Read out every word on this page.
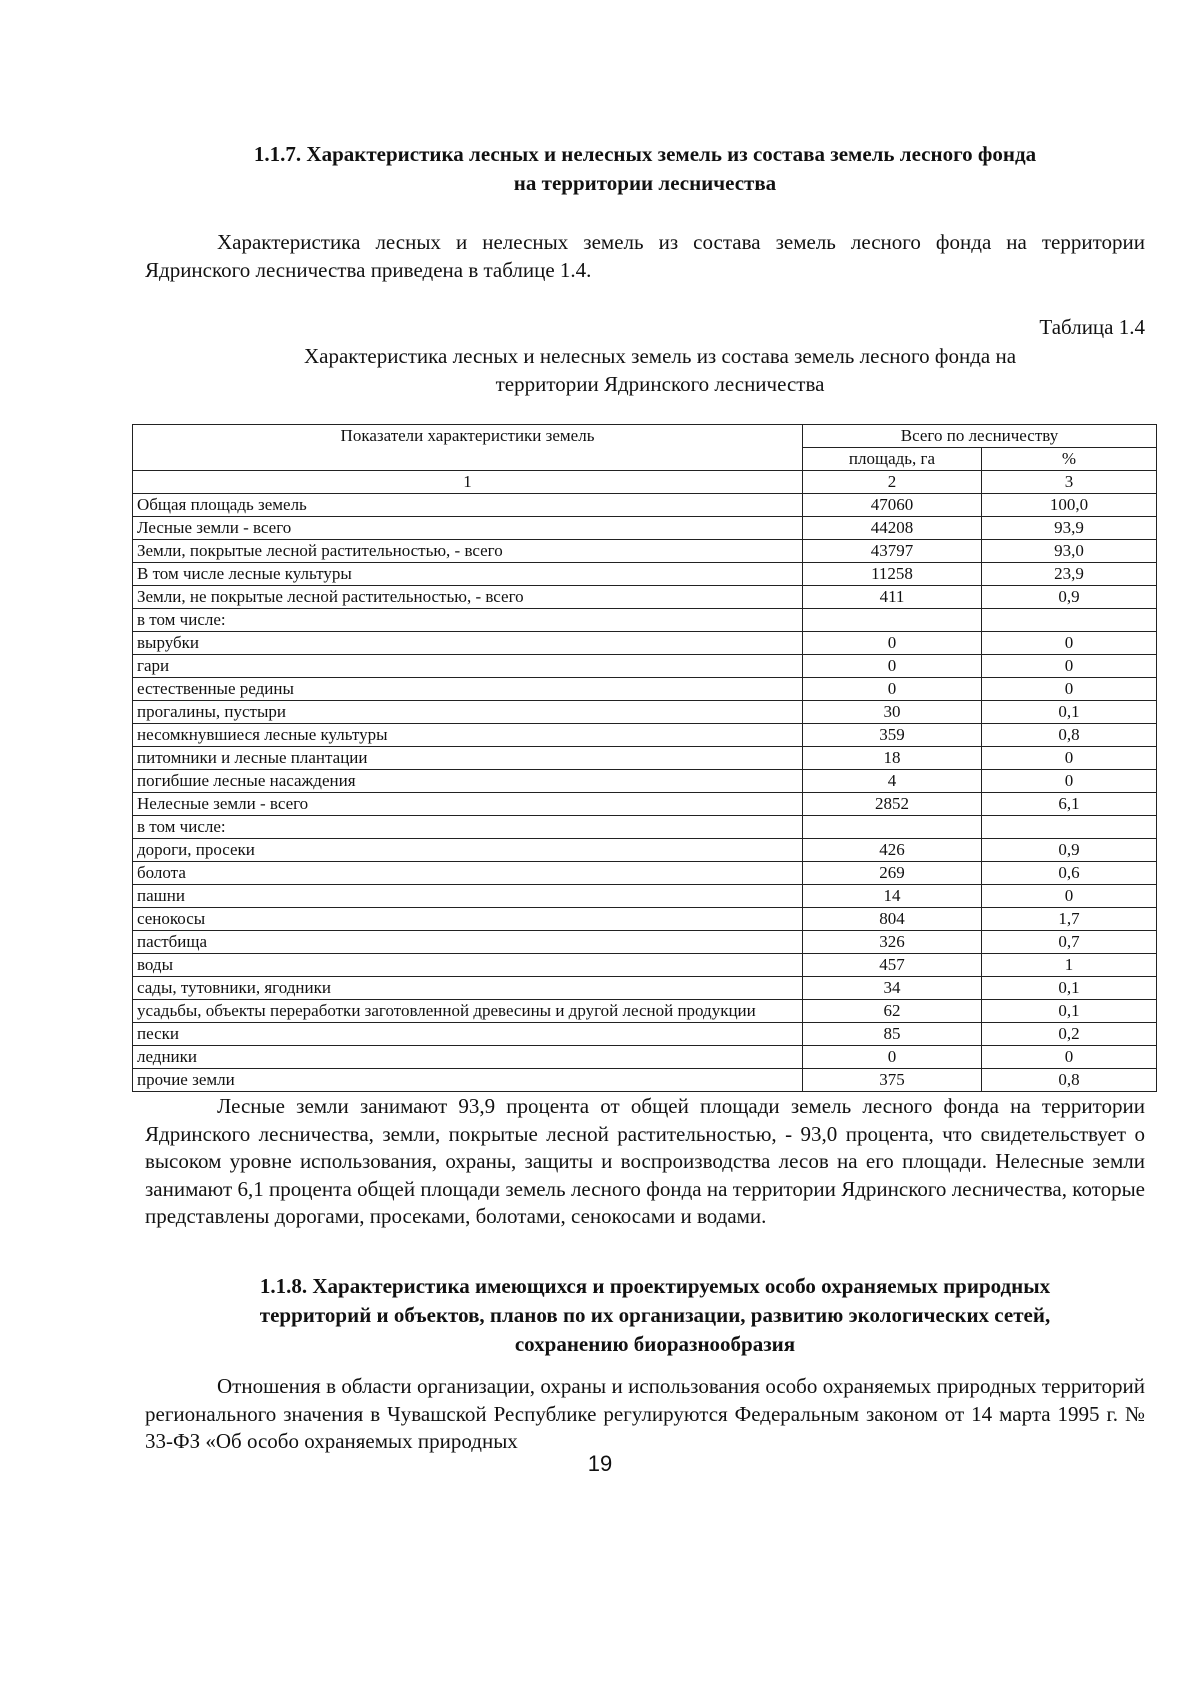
1.1.7. Характеристика лесных и нелесных земель из состава земель лесного фонда
на территории лесничества

Характеристика лесных и нелесных земель из состава земель лесного фонда на территории Ядринского лесничества приведена в таблице 1.4.

Таблица 1.4

Характеристика лесных и нелесных земель из состава земель лесного фонда на
территории Ядринского лесничества
Показатели характеристики земель	Всего по лесничеству	
	площадь, га	%
1	2	3
Общая площадь земель	47060	100,0
Лесные земли - всего	44208	93,9
Земли, покрытые лесной растительностью, - всего	43797	93,0
В том числе лесные культуры	11258	23,9
Земли, не покрытые лесной растительностью, - всего	411	0,9
в том числе:		
вырубки	0	0
гари	0	0
естественные редины	0	0
прогалины, пустыри	30	0,1
несомкнувшиеся лесные культуры	359	0,8
питомники и лесные плантации	18	0
погибшие лесные насаждения	4	0
Нелесные земли - всего	2852	6,1
в том числе:		
дороги, просеки	426	0,9
болота	269	0,6
пашни	14	0
сенокосы	804	1,7
пастбища	326	0,7
воды	457	1
сады, тутовники, ягодники	34	0,1
усадьбы, объекты переработки заготовленной древесины и другой лесной продукции	62	0,1
пески	85	0,2
ледники	0	0
прочие земли	375	0,8

Лесные земли занимают 93,9 процента от общей площади земель лесного фонда на территории Ядринского лесничества, земли, покрытые лесной растительностью, - 93,0 процента, что свидетельствует о высоком уровне использования, охраны, защиты и воспроизводства лесов на его площади. Нелесные земли занимают 6,1 процента общей площади земель лесного фонда на территории Ядринского лесничества, которые представлены дорогами, просеками, болотами, сенокосами и водами.

1.1.8. Характеристика имеющихся и проектируемых особо охраняемых природных
территорий и объектов, планов по их организации, развитию экологических сетей,
сохранению биоразнообразия

Отношения в области организации, охраны и использования особо охраняемых природных территорий регионального значения в Чувашской Республике регулируются Федеральным законом от 14 марта 1995 г. № 33-ФЗ «Об особо охраняемых природных

19
